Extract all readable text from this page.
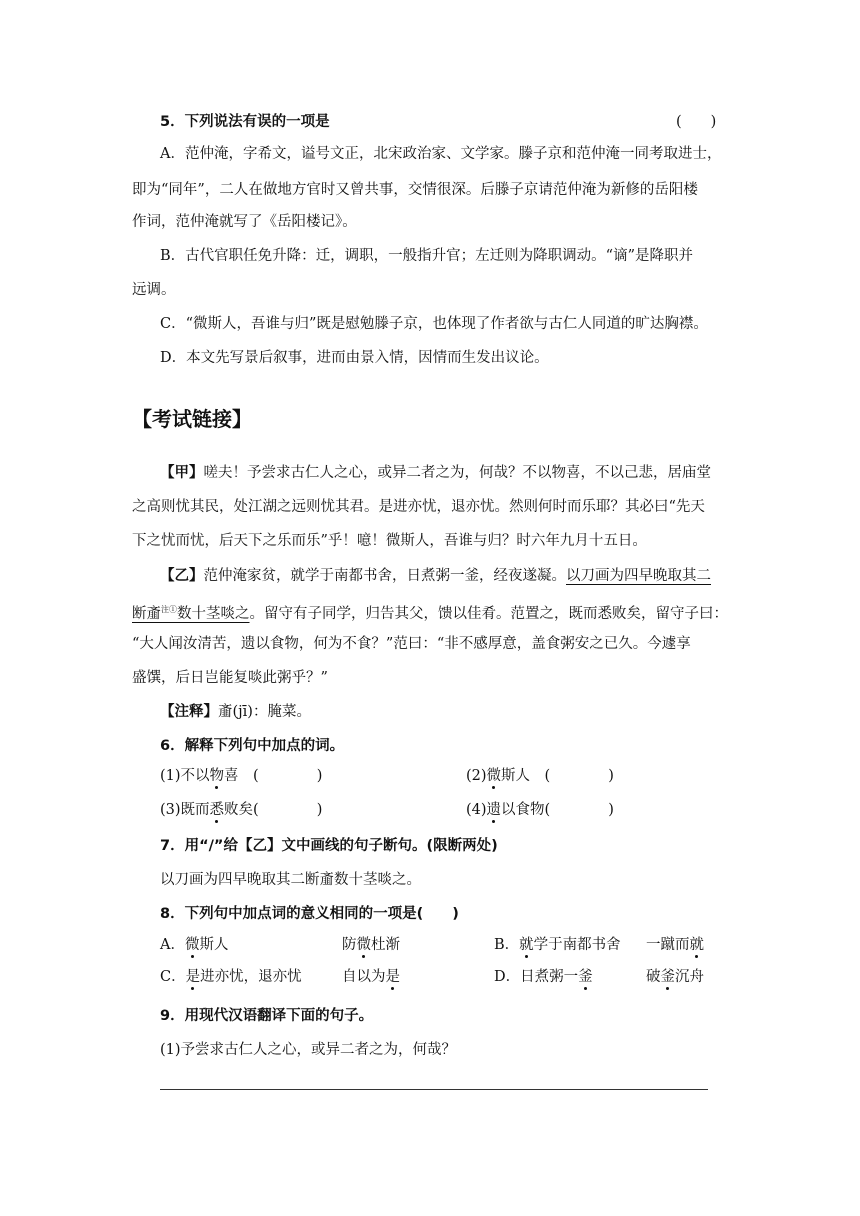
5．下列说法有误的一项是	(　　)
A．范仲淹，字希文，谥号文正，北宋政治家、文学家。滕子京和范仲淹一同考取进士，
即为“同年”，二人在做地方官时又曾共事，交情很深。后滕子京请范仲淹为新修的岳阳楼
作词，范仲淹就写了《岳阳楼记》。
B．古代官职任免升降：迁，调职，一般指升官；左迁则为降职调动。“谪”是降职并
远调。
C．“微斯人，吾谁与归”既是慰勉滕子京，也体现了作者欲与古仁人同道的旷达胸襟。
D．本文先写景后叙事，进而由景入情，因情而生发出议论。
【考试链接】
【甲】嗟夫！予尝求古仁人之心，或异二者之为，何哉？不以物喜，不以己悲，居庙堂
之高则忧其民，处江湖之远则忧其君。是进亦忧，退亦忧。然则何时而乐耶？其必曰“先天
下之忧而忧，后天下之乐而乐”乎！噫！微斯人，吾谁与归？时六年九月十五日。
【乙】范仲淹家贫，就学于南都书舍，日煮粥一釜，经夜遂凝。以刀画为四早晚取其二
断齑$^{注①}$数十茎啖之。留守有子同学，归告其父，馈以佳肴。范置之，既而悉败矣，留守子曰：
“大人闻汝清苦，遗以食物，何为不食？”范曰：“非不感厚意，盖食粥安之已久。今遽享
盛馔，后日岂能复啖此粥乎？”
【注释】齑(jī)：腌菜。
6．解释下列句中加点的词。
(1)不以物喜　(　　　　)	(2)微斯人　(　　　　)
(3)既而悉败矣(　　　　)	(4)遗以食物(　　　　)
7．用“/”给【乙】文中画线的句子断句。(限断两处)
以刀画为四早晚取其二断齑数十茎啖之。
8．下列句中加点词的意义相同的一项是(　　)
A．微斯人	防微杜渐	B．就学于南都书舍 一蹴而就
C．是进亦忧，退亦忧	自以为是	D．日煮粥一釜	破釜沉舟
9．用现代汉语翻译下面的句子。
(1)予尝求古仁人之心，或异二者之为，何哉？
